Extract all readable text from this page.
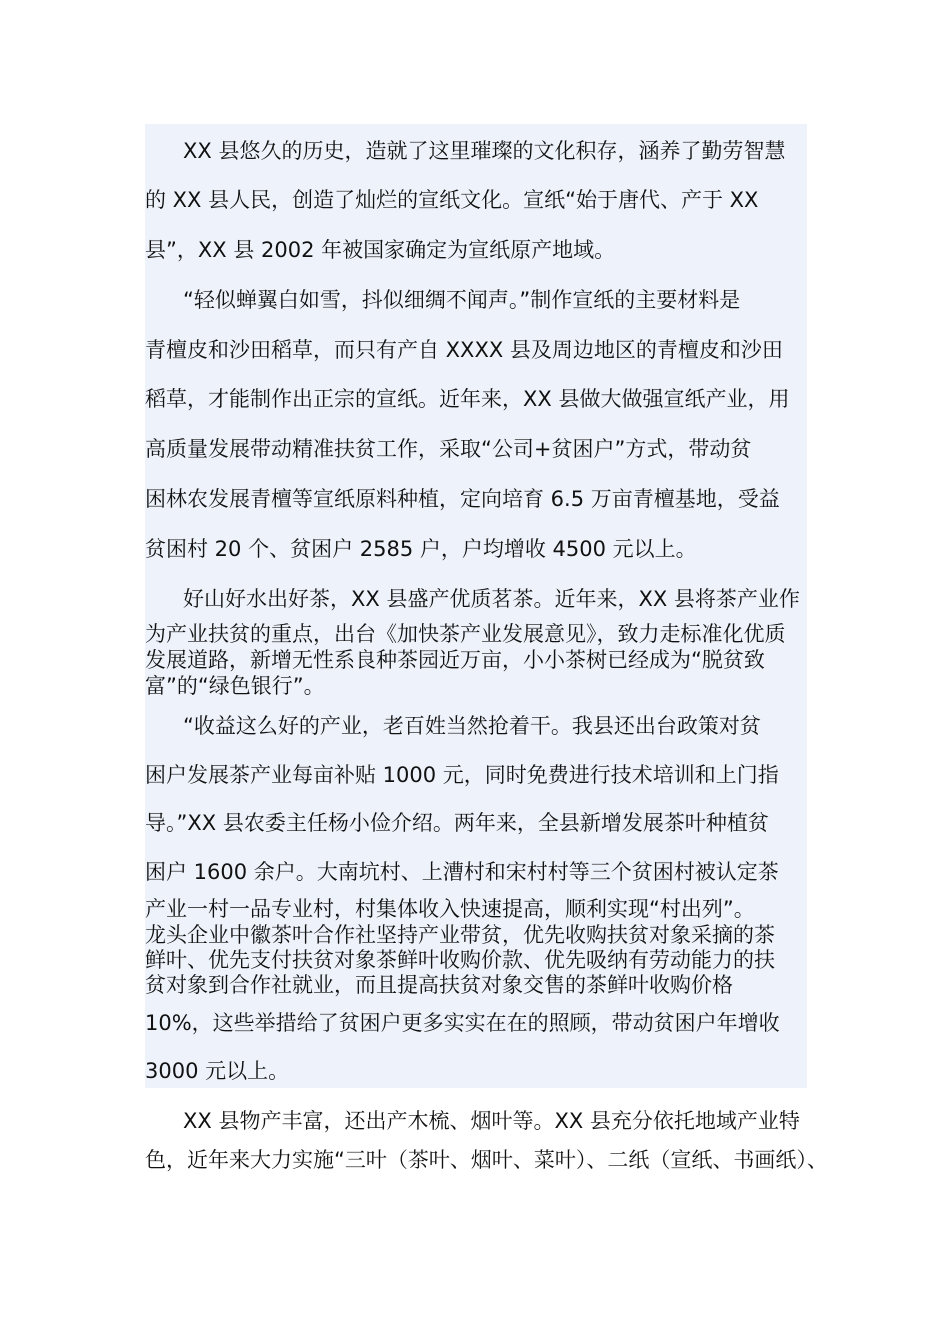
XX 县悠久的历史，造就了这里璀璨的文化积存，涵养了勤劳智慧
的 XX 县人民，创造了灿烂的宣纸文化。宣纸“始于唐代、产于 XX
县”，XX 县 2002 年被国家确定为宣纸原产地域。
“轻似蝉翼白如雪，抖似细绸不闻声。”制作宣纸的主要材料是
青檀皮和沙田稻草，而只有产自 XXXX 县及周边地区的青檀皮和沙田
稻草，才能制作出正宗的宣纸。近年来，XX 县做大做强宣纸产业，用
高质量发展带动精准扶贫工作，采取“公司+贫困户”方式，带动贫
困林农发展青檀等宣纸原料种植，定向培育 6.5 万亩青檀基地，受益
贫困村 20 个、贫困户 2585 户，户均增收 4500 元以上。
好山好水出好茶，XX 县盛产优质茗茶。近年来，XX 县将茶产业作
为产业扶贫的重点，出台《加快茶产业发展意见》，致力走标准化优质
发展道路，新增无性系良种茶园近万亩，小小茶树已经成为“脱贫致
富”的“绿色银行”。
“收益这么好的产业，老百姓当然抢着干。我县还出台政策对贫
困户发展茶产业每亩补贴 1000 元，同时免费进行技术培训和上门指
导。”XX 县农委主任杨小俭介绍。两年来，全县新增发展茶叶种植贫
困户 1600 余户。大南坑村、上漕村和宋村村等三个贫困村被认定茶
产业一村一品专业村，村集体收入快速提高，顺利实现“村出列”。
龙头企业中徽茶叶合作社坚持产业带贫，优先收购扶贫对象采摘的茶
鲜叶、优先支付扶贫对象茶鲜叶收购价款、优先吸纳有劳动能力的扶
贫对象到合作社就业，而且提高扶贫对象交售的茶鲜叶收购价格
10%，这些举措给了贫困户更多实实在在的照顾，带动贫困户年增收
3000 元以上。
XX 县物产丰富，还出产木梳、烟叶等。XX 县充分依托地域产业特
色，近年来大力实施“三叶（茶叶、烟叶、菜叶）、二纸（宣纸、书画纸）、
